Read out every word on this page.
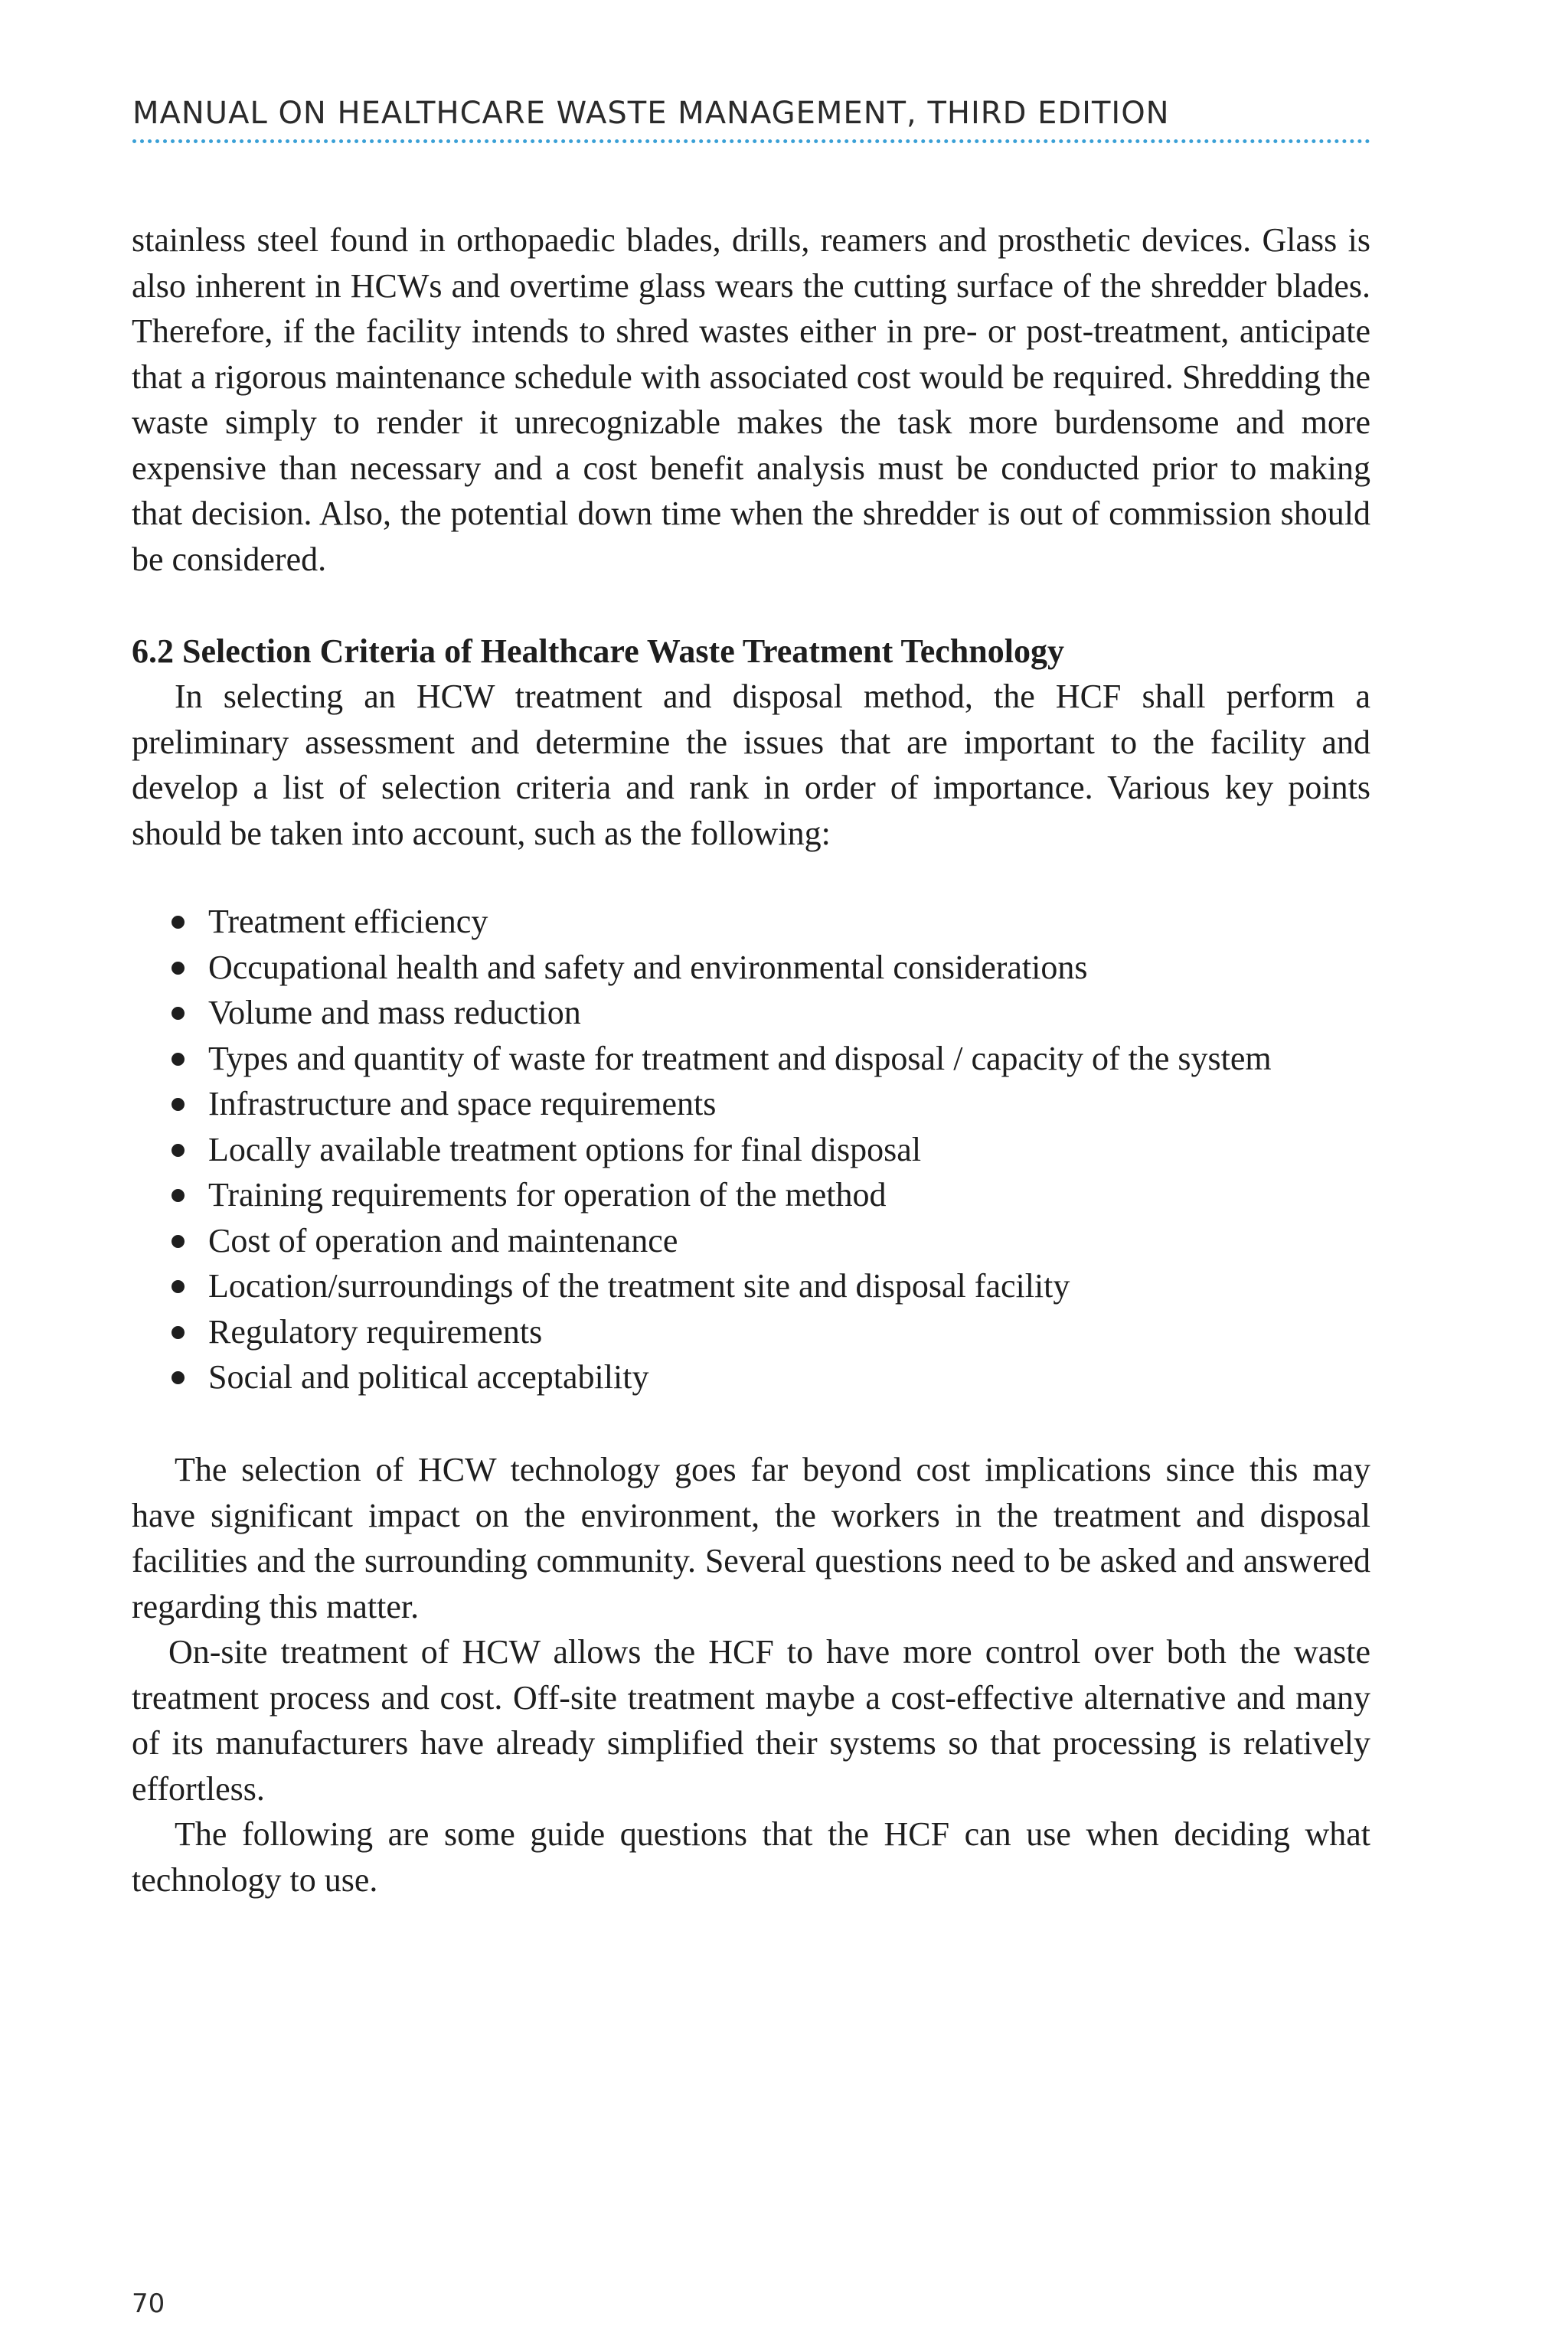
MANUAL ON HEALTHCARE WASTE MANAGEMENT, THIRD EDITION

stainless steel found in orthopaedic blades, drills, reamers and prosthetic devices. Glass is also inherent in HCWs and overtime glass wears the cutting surface of the shredder blades. Therefore, if the facility intends to shred wastes either in pre- or post-treatment, anticipate that a rigorous maintenance schedule with associated cost would be required. Shredding the waste simply to render it unrecognizable makes the task more burdensome and more expensive than necessary and a cost benefit analysis must be conducted prior to making that decision. Also, the potential down time when the shredder is out of commission should be considered.

6.2 Selection Criteria of Healthcare Waste Treatment Technology

In selecting an HCW treatment and disposal method, the HCF shall perform a preliminary assessment and determine the issues that are important to the facility and develop a list of selection criteria and rank in order of importance. Various key points should be taken into account, such as the following:

Treatment efficiency
Occupational health and safety and environmental considerations
Volume and mass reduction
Types and quantity of waste for treatment and disposal / capacity of the system
Infrastructure and space requirements
Locally available treatment options for final disposal
Training requirements for operation of the method
Cost of operation and maintenance
Location/surroundings of the treatment site and disposal facility
Regulatory requirements
Social and political acceptability

The selection of HCW technology goes far beyond cost implications since this may have significant impact on the environment, the workers in the treatment and disposal facilities and the surrounding community. Several questions need to be asked and answered regarding this matter.

On-site treatment of HCW allows the HCF to have more control over both the waste treatment process and cost. Off-site treatment maybe a cost-effective alternative and many of its manufacturers have already simplified their systems so that processing is relatively effortless.

The following are some guide questions that the HCF can use when deciding what technology to use.

70
